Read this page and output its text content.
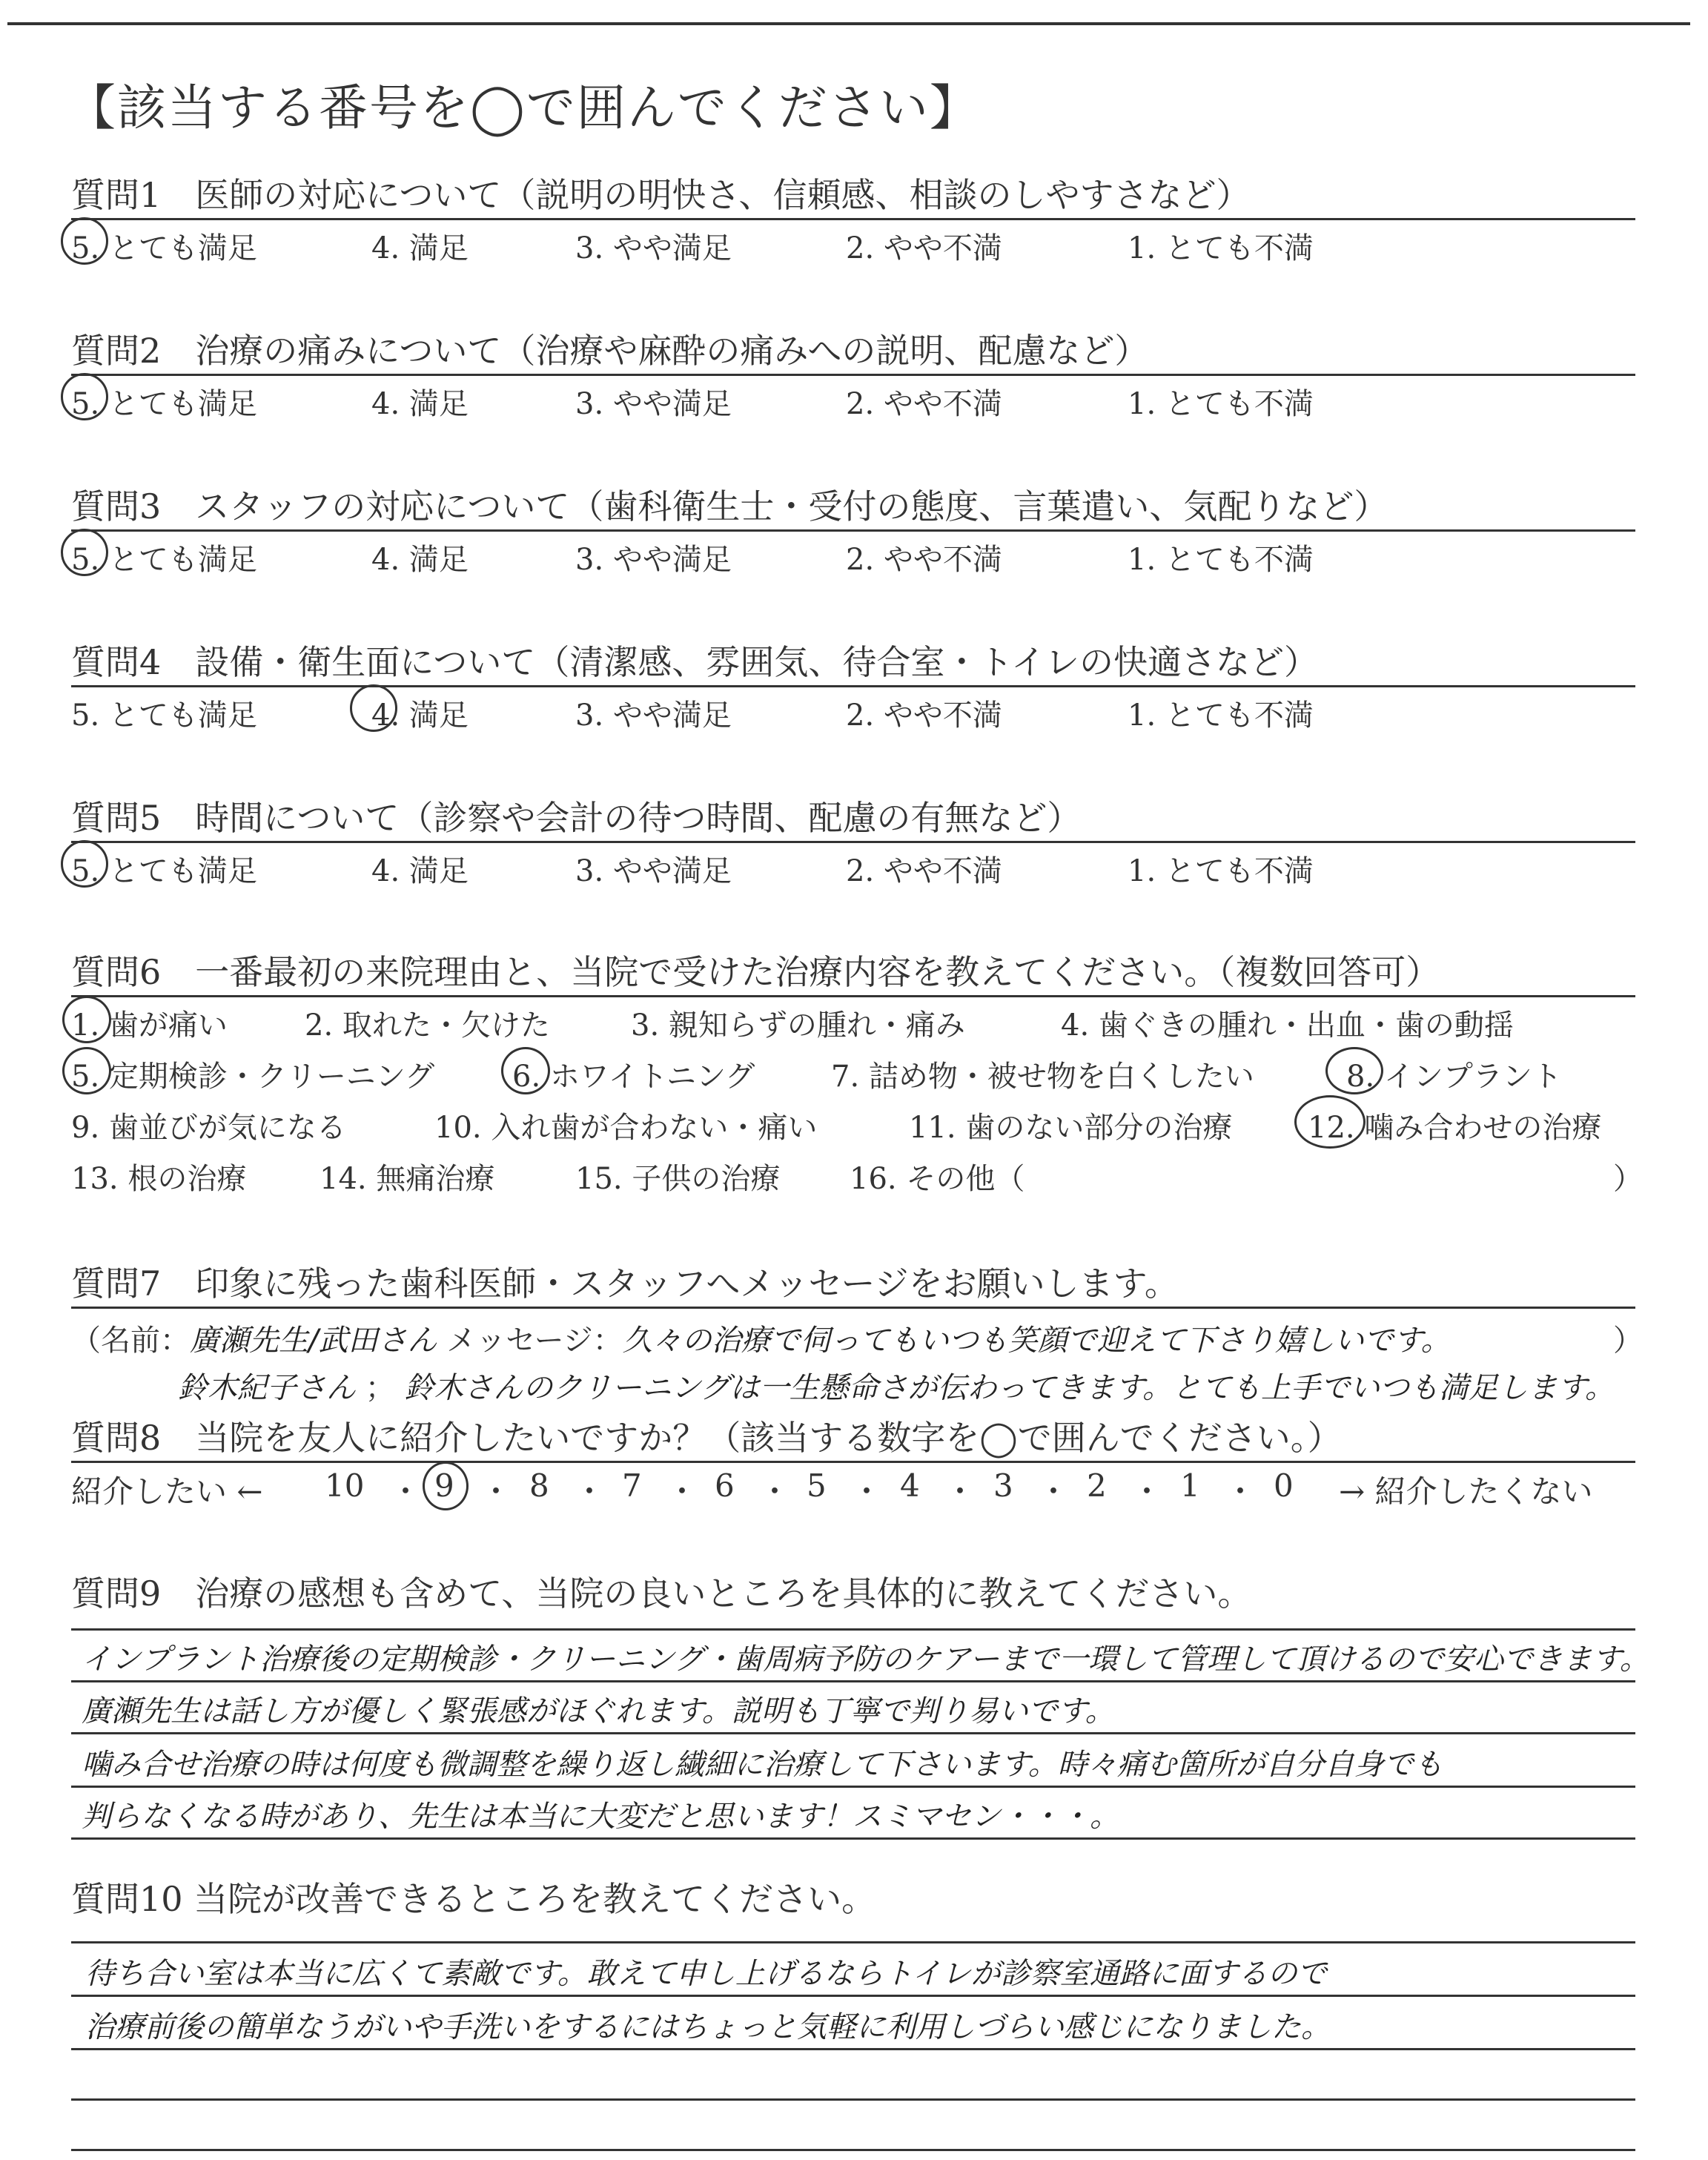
【該当する番号を◯で囲んでください】
質問1　医師の対応について（説明の明快さ、信頼感、相談のしやすさなど）
5. とても満足	4. 満足	3. やや満足	2. やや不満	1. とても不満
質問2　治療の痛みについて（治療や麻酔の痛みへの説明、配慮など）
5. とても満足	4. 満足	3. やや満足	2. やや不満	1. とても不満
質問3　スタッフの対応について（歯科衛生士・受付の態度、言葉遣い、気配りなど）
5. とても満足	4. 満足	3. やや満足	2. やや不満	1. とても不満
質問4　設備・衛生面について（清潔感、雰囲気、待合室・トイレの快適さなど）
5. とても満足	4. 満足	3. やや満足	2. やや不満	1. とても不満
質問5　時間について（診察や会計の待つ時間、配慮の有無など）
5. とても満足	4. 満足	3. やや満足	2. やや不満	1. とても不満
質問6　一番最初の来院理由と、当院で受けた治療内容を教えてください。（複数回答可）
1. 歯が痛い	2. 取れた・欠けた	3. 親知らずの腫れ・痛み	4. 歯ぐきの腫れ・出血・歯の動揺
5. 定期検診・クリーニング	6. ホワイトニング	7. 詰め物・被せ物を白くしたい	8. インプラント
9. 歯並びが気になる	10. 入れ歯が合わない・痛い	11. 歯のない部分の治療	12. 噛み合わせの治療
13. 根の治療 14. 無痛治療	15. 子供の治療 16. その他（	）
質問7　印象に残った歯科医師・スタッフへメッセージをお願いします。
（名前：廣瀬先生/武田さん メッセージ：久々の治療で伺ってもいつも笑顔で迎えて下さり嬉しいです。	）
鈴木紀子さん ； 鈴木さんのクリーニングは一生懸命さが伝わってきます。とても上手でいつも満足します。
質問8　当院を友人に紹介したいですか？（該当する数字を◯で囲んでください。）
紹介したい ← 10 ・ 9 ・ 8 ・ 7 ・ 6 ・ 5 ・ 4 ・ 3 ・ 2 ・ 1 ・ 0 → 紹介したくない
質問9　治療の感想も含めて、当院の良いところを具体的に教えてください。
インプラント治療後の定期検診・クリーニング・歯周病予防のケアーまで一環して管理して頂けるので安心できます。
廣瀬先生は話し方が優しく緊張感がほぐれます。説明も丁寧で判り易いです。
噛み合せ治療の時は何度も微調整を繰り返し繊細に治療して下さいます。時々痛む箇所が自分自身でも
判らなくなる時があり、先生は本当に大変だと思います！スミマセン・・・。
質問10 当院が改善できるところを教えてください。
待ち合い室は本当に広くて素敵です。敢えて申し上げるならトイレが診察室通路に面するので
治療前後の簡単なうがいや手洗いをするにはちょっと気軽に利用しづらい感じになりました。
